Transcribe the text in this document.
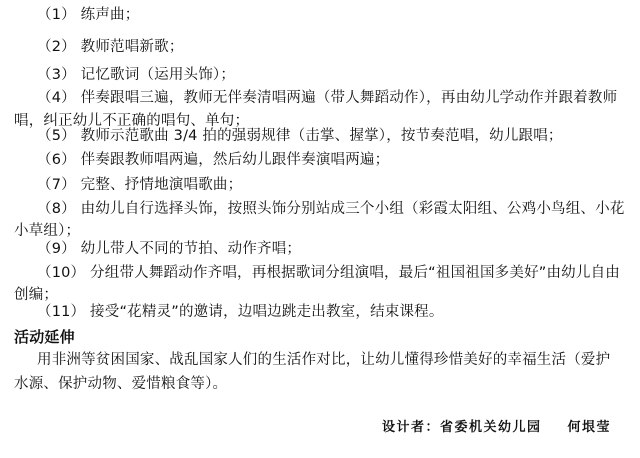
（1） 练声曲；
（2） 教师范唱新歌；
（3） 记忆歌词（运用头饰）；
（4） 伴奏跟唱三遍，教师无伴奏清唱两遍（带人舞蹈动作），再由幼儿学动作并跟着教师
唱，纠正幼儿不正确的唱句、单句；
（5） 教师示范歌曲 3/4 拍的强弱规律（击掌、握掌），按节奏范唱，幼儿跟唱；
（6） 伴奏跟教师唱两遍，然后幼儿跟伴奏演唱两遍；
（7） 完整、抒情地演唱歌曲；
（8） 由幼儿自行选择头饰，按照头饰分别站成三个小组（彩霞太阳组、公鸡小鸟组、小花
小草组）；
（9） 幼儿带人不同的节拍、动作齐唱；
（10） 分组带人舞蹈动作齐唱，再根据歌词分组演唱，最后“祖国祖国多美好”由幼儿自由
创编；
（11） 接受“花精灵”的邀请，边唱边跳走出教室，结束课程。
活动延伸
用非洲等贫困国家、战乱国家人们的生活作对比，让幼儿懂得珍惜美好的幸福生活（爱护
水源、保护动物、爱惜粮食等）。
设计者：省委机关幼儿园 何垠莹
